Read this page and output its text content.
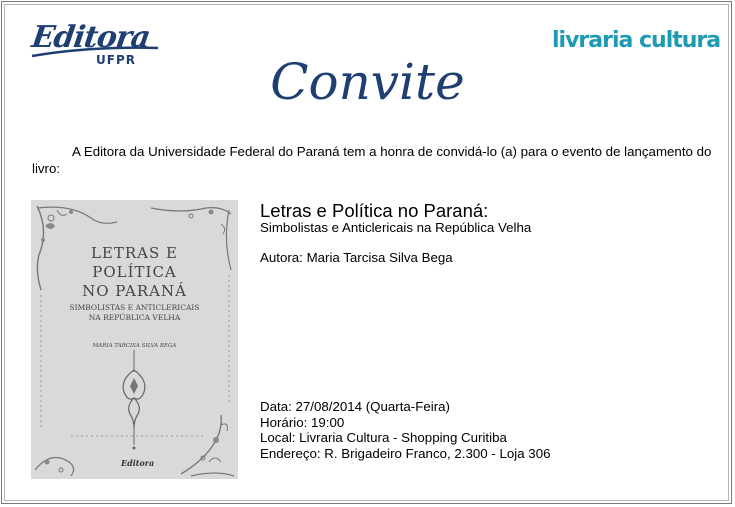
Editora
UFPR
livraria cultura
Convite
A Editora da Universidade Federal do Paraná tem a honra de convidá-lo (a) para o evento de lançamento do livro:
LETRAS E
POLÍTICA
NO PARANÁ
SIMBOLISTAS E ANTICLERICAIS
NA REPÚBLICA VELHA
MARIA TARCISA SILVA BEGA
Editora
Letras e Política no Paraná:
Simbolistas e Anticlericais na República Velha
Autora: Maria Tarcisa Silva Bega
Data: 27/08/2014 (Quarta-Feira)
Horário: 19:00
Local: Livraria Cultura - Shopping Curitiba
Endereço: R. Brigadeiro Franco, 2.300 - Loja 306
